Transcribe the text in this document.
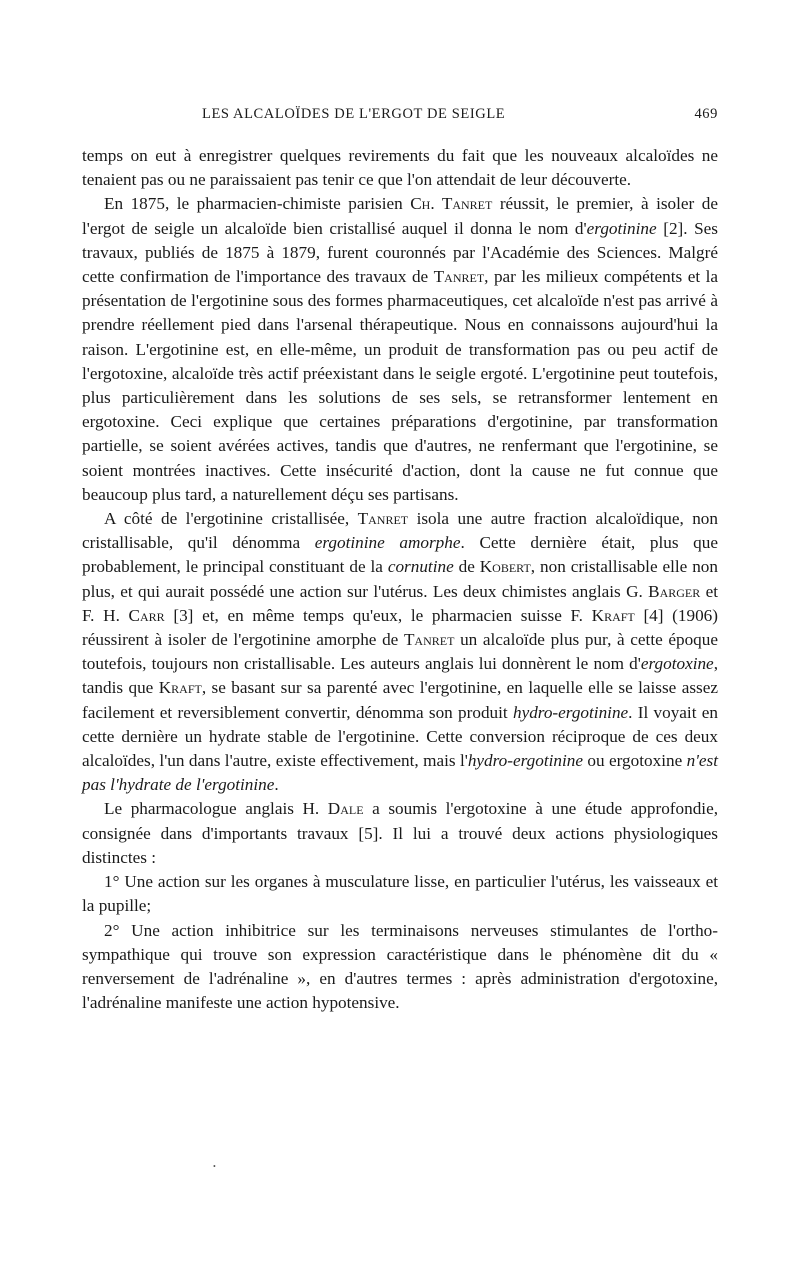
LES ALCALOÏDES DE L'ERGOT DE SEIGLE	469

temps on eut à enregistrer quelques revirements du fait que les nouveaux alcaloïdes ne tenaient pas ou ne paraissaient pas tenir ce que l'on attendait de leur découverte.

En 1875, le pharmacien-chimiste parisien Ch. Tanret réussit, le premier, à isoler de l'ergot de seigle un alcaloïde bien cristallisé auquel il donna le nom d'ergotinine [2]. Ses travaux, publiés de 1875 à 1879, furent couronnés par l'Académie des Sciences. Malgré cette confirmation de l'importance des travaux de Tanret, par les milieux compétents et la présentation de l'ergotinine sous des formes pharmaceutiques, cet alcaloïde n'est pas arrivé à prendre réellement pied dans l'arsenal thérapeutique. Nous en connaissons aujourd'hui la raison. L'ergotinine est, en elle-même, un produit de transformation pas ou peu actif de l'ergotoxine, alcaloïde très actif préexistant dans le seigle ergoté. L'ergotinine peut toutefois, plus particulièrement dans les solutions de ses sels, se retransformer lentement en ergotoxine. Ceci explique que certaines préparations d'ergotinine, par transformation partielle, se soient avérées actives, tandis que d'autres, ne renfermant que l'ergotinine, se soient montrées inactives. Cette insécurité d'action, dont la cause ne fut connue que beaucoup plus tard, a naturellement déçu ses partisans.

A côté de l'ergotinine cristallisée, Tanret isola une autre fraction alcaloïdique, non cristallisable, qu'il dénomma ergotinine amorphe. Cette dernière était, plus que probablement, le principal constituant de la cornutine de Kobert, non cristallisable elle non plus, et qui aurait possédé une action sur l'utérus. Les deux chimistes anglais G. Barger et F. H. Carr [3] et, en même temps qu'eux, le pharmacien suisse F. Kraft [4] (1906) réussirent à isoler de l'ergotinine amorphe de Tanret un alcaloïde plus pur, à cette époque toutefois, toujours non cristallisable. Les auteurs anglais lui donnèrent le nom d'ergotoxine, tandis que Kraft, se basant sur sa parenté avec l'ergotinine, en laquelle elle se laisse assez facilement et reversiblement convertir, dénomma son produit hydro-ergotinine. Il voyait en cette dernière un hydrate stable de l'ergotinine. Cette conversion réciproque de ces deux alcaloïdes, l'un dans l'autre, existe effectivement, mais l'hydro-ergotinine ou ergotoxine n'est pas l'hydrate de l'ergotinine.

Le pharmacologue anglais H. Dale a soumis l'ergotoxine à une étude approfondie, consignée dans d'importants travaux [5]. Il lui a trouvé deux actions physiologiques distinctes :

1° Une action sur les organes à musculature lisse, en particulier l'utérus, les vaisseaux et la pupille;

2° Une action inhibitrice sur les terminaisons nerveuses stimulantes de l'ortho-sympathique qui trouve son expression caractéristique dans le phénomène dit du « renversement de l'adrénaline », en d'autres termes : après administration d'ergotoxine, l'adrénaline manifeste une action hypotensive.

•
